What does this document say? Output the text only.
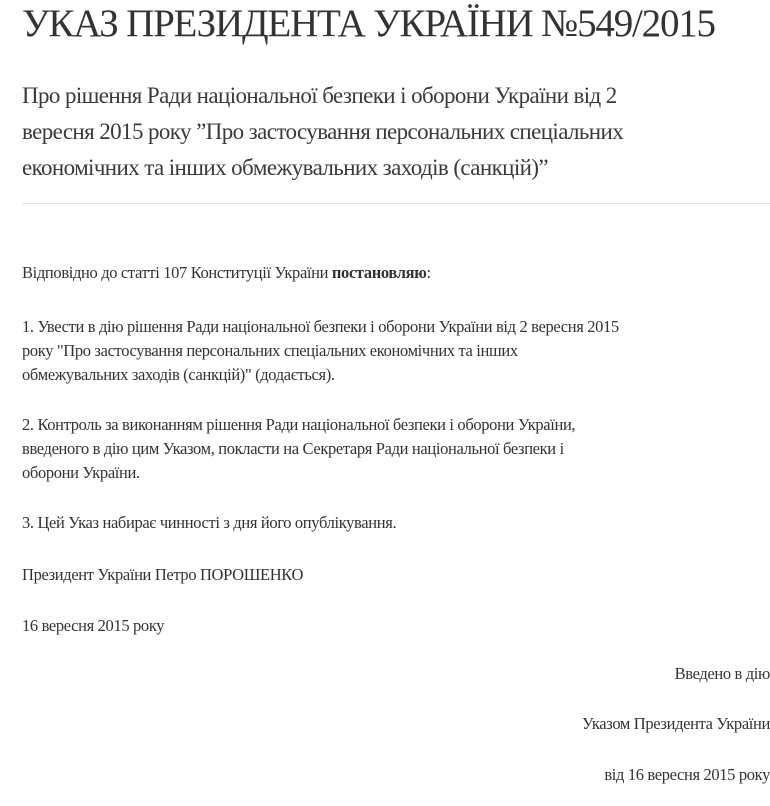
УКАЗ ПРЕЗИДЕНТА УКРАЇНИ №549/2015
Про рішення Ради національної безпеки і оборони України від 2
вересня 2015 року ”Про застосування персональних спеціальних
економічних та інших обмежувальних заходів (санкцій)”
Відповідно до статті 107 Конституції України постановляю:
1. Увести в дію рішення Ради національної безпеки і оборони України від 2 вересня 2015
року "Про застосування персональних спеціальних економічних та інших
обмежувальних заходів (санкцій)" (додається).
2. Контроль за виконанням рішення Ради національної безпеки і оборони України,
введеного в дію цим Указом, покласти на Секретаря Ради національної безпеки і
оборони України.
3. Цей Указ набирає чинності з дня його опублікування.
Президент України Петро ПОРОШЕНКО
16 вересня 2015 року
Введено в дію
Указом Президента України
від 16 вересня 2015 року
